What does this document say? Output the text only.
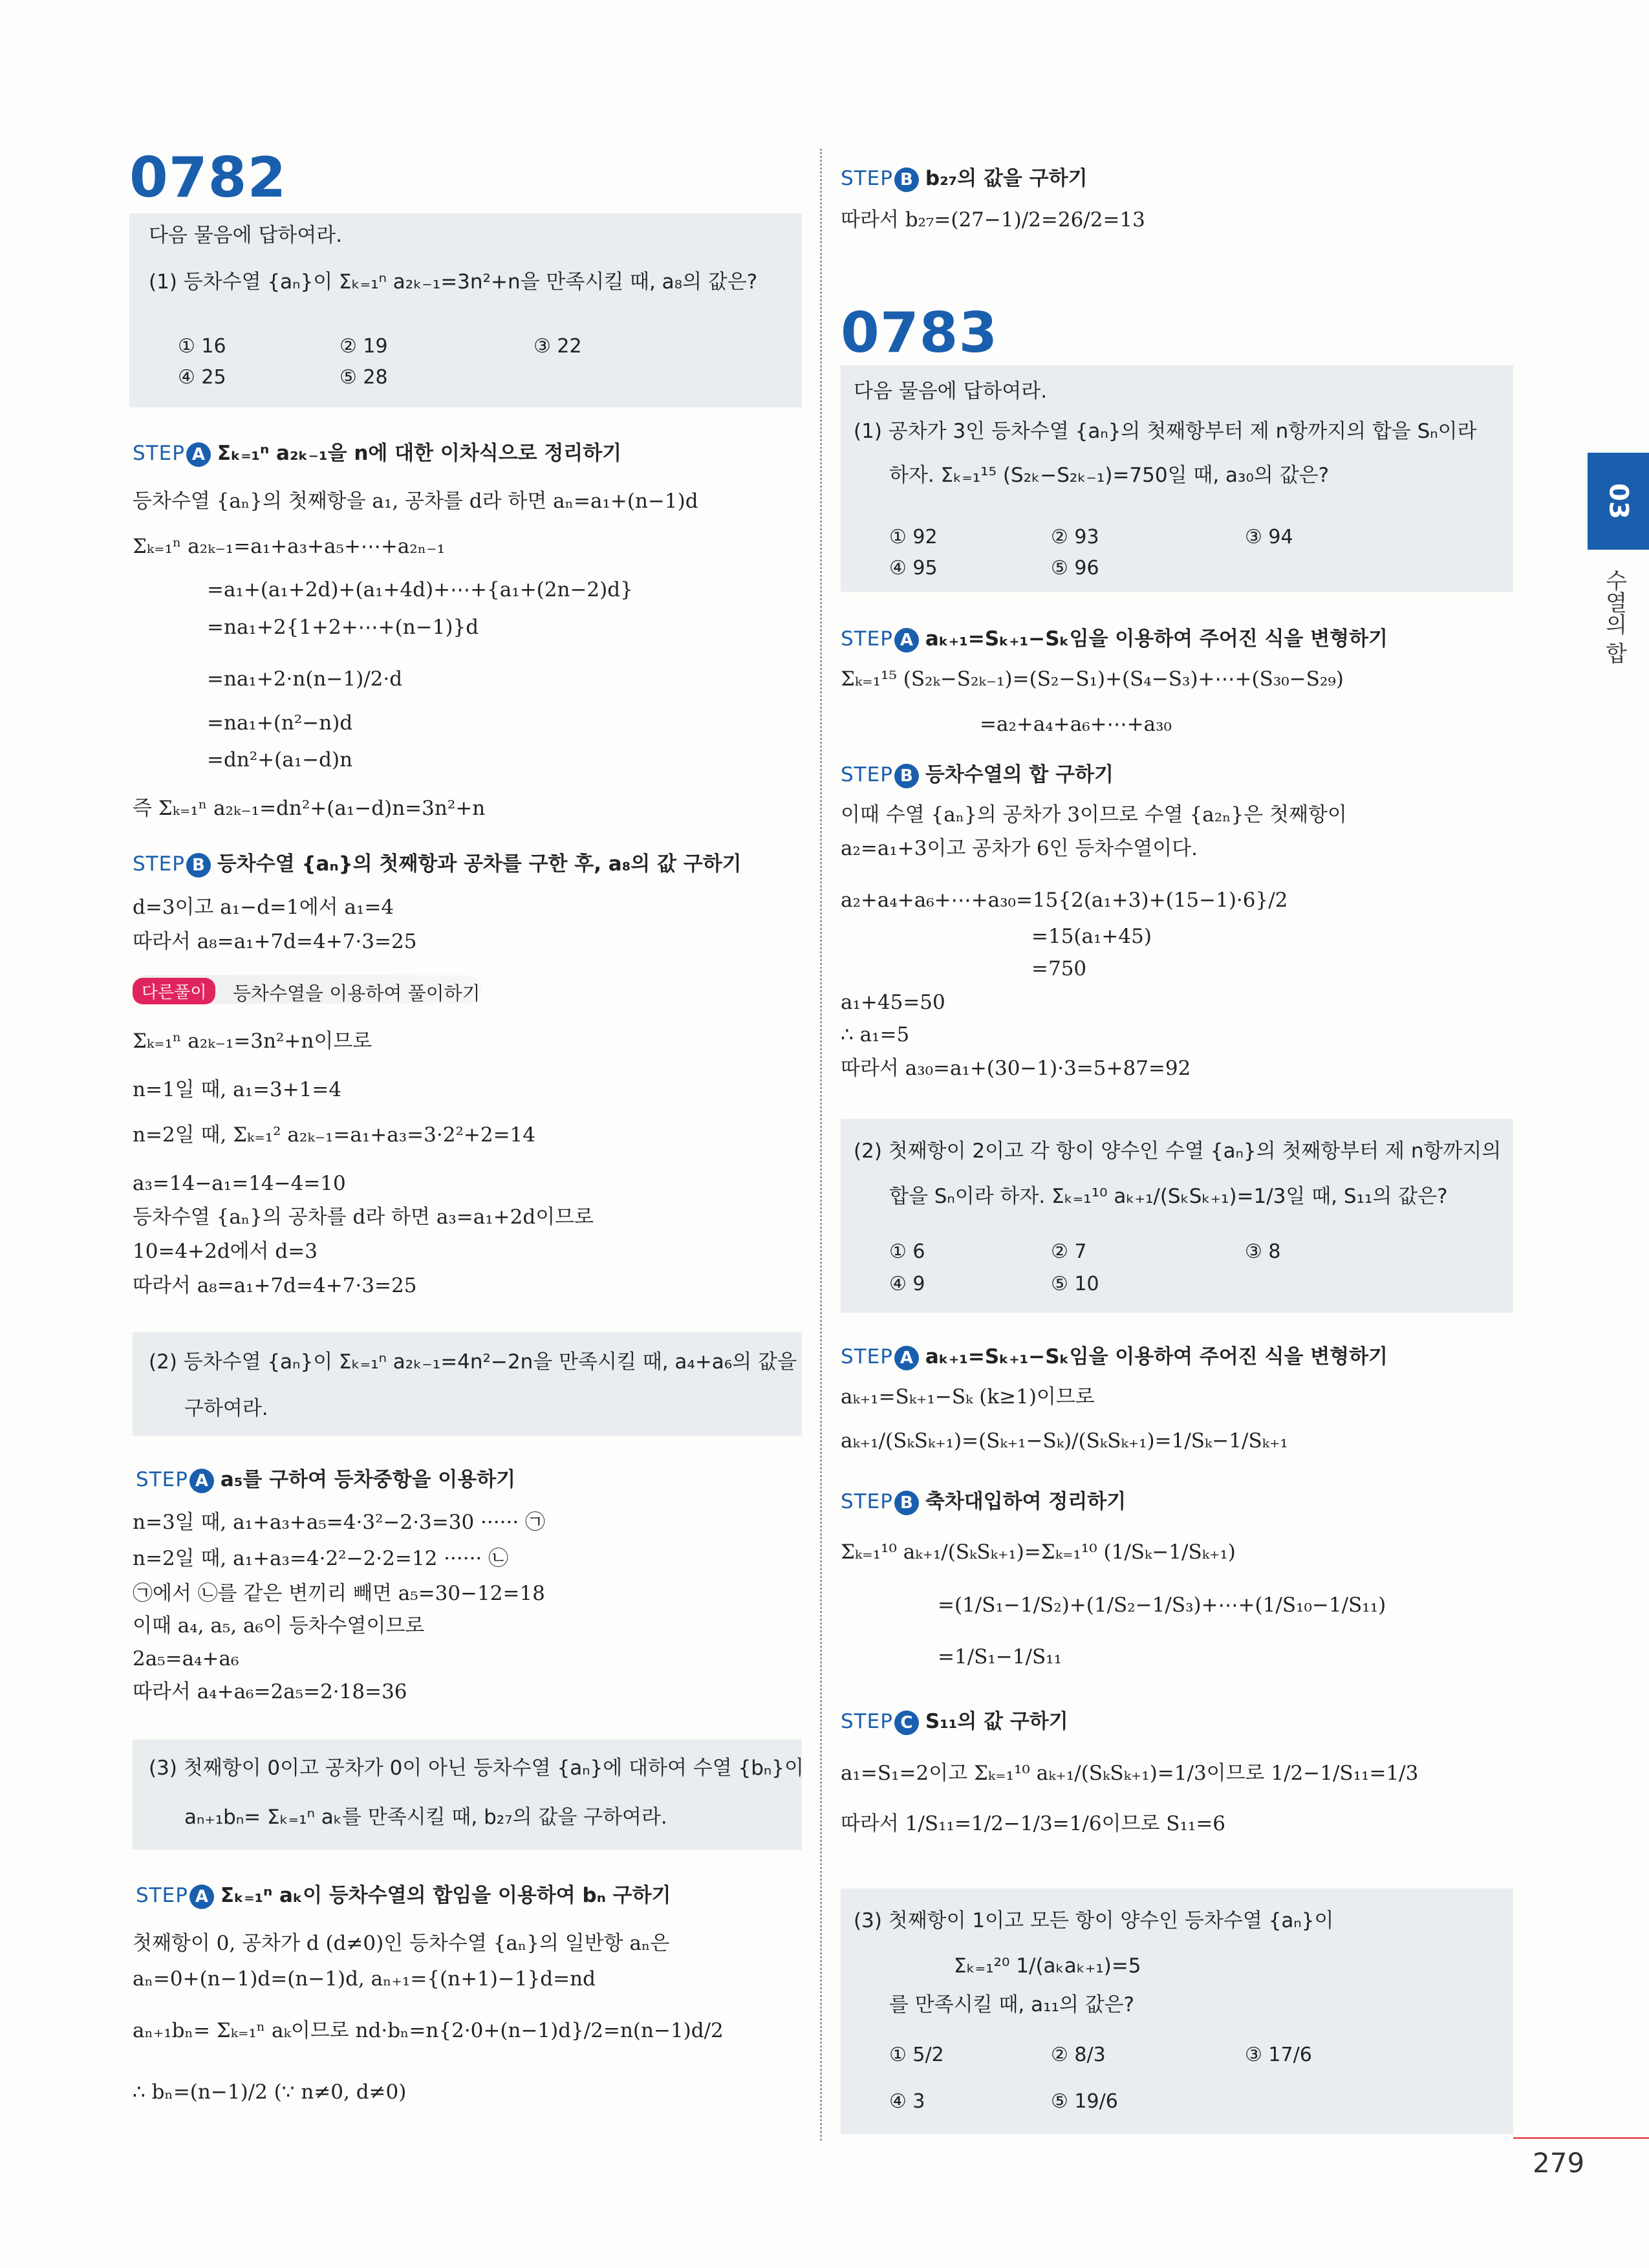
0782
다음 물음에 답하여라.
(1) 등차수열 {aₙ}이 Σₖ₌₁ⁿ a₂ₖ₋₁=3n²+n을 만족시킬 때, a₈의 값은?
① 16	② 19	③ 22
④ 25	⑤ 28
STEP A Σₖ₌₁ⁿ a₂ₖ₋₁을 n에 대한 이차식으로 정리하기
등차수열 {aₙ}의 첫째항을 a₁, 공차를 d라 하면 aₙ=a₁+(n−1)d
Σₖ₌₁ⁿ a₂ₖ₋₁=a₁+a₃+a₅+⋯+a₂ₙ₋₁
=a₁+(a₁+2d)+(a₁+4d)+⋯+{a₁+(2n−2)d}
=na₁+2{1+2+⋯+(n−1)}d
=na₁+2·n(n−1)/2·d
=na₁+(n²−n)d
=dn²+(a₁−d)n
즉 Σₖ₌₁ⁿ a₂ₖ₋₁=dn²+(a₁−d)n=3n²+n
STEP B 등차수열 {aₙ}의 첫째항과 공차를 구한 후, a₈의 값 구하기
d=3이고 a₁−d=1에서 a₁=4
따라서 a₈=a₁+7d=4+7·3=25
다른풀이	등차수열을 이용하여 풀이하기
Σₖ₌₁ⁿ a₂ₖ₋₁=3n²+n이므로
n=1일 때, a₁=3+1=4
n=2일 때, Σₖ₌₁² a₂ₖ₋₁=a₁+a₃=3·2²+2=14
a₃=14−a₁=14−4=10
등차수열 {aₙ}의 공차를 d라 하면 a₃=a₁+2d이므로
10=4+2d에서 d=3
따라서 a₈=a₁+7d=4+7·3=25
(2) 등차수열 {aₙ}이 Σₖ₌₁ⁿ a₂ₖ₋₁=4n²−2n을 만족시킬 때, a₄+a₆의 값을
구하여라.
STEP A a₅를 구하여 등차중항을 이용하기
n=3일 때, a₁+a₃+a₅=4·3²−2·3=30 ······ ㉠
n=2일 때, a₁+a₃=4·2²−2·2=12 ······ ㉡
㉠에서 ㉡를 같은 변끼리 빼면 a₅=30−12=18
이때 a₄, a₅, a₆이 등차수열이므로
2a₅=a₄+a₆
따라서 a₄+a₆=2a₅=2·18=36
(3) 첫째항이 0이고 공차가 0이 아닌 등차수열 {aₙ}에 대하여 수열 {bₙ}이
aₙ₊₁bₙ= Σₖ₌₁ⁿ aₖ를 만족시킬 때, b₂₇의 값을 구하여라.
STEP A Σₖ₌₁ⁿ aₖ이 등차수열의 합임을 이용하여 bₙ 구하기
첫째항이 0, 공차가 d (d≠0)인 등차수열 {aₙ}의 일반항 aₙ은
aₙ=0+(n−1)d=(n−1)d, aₙ₊₁={(n+1)−1}d=nd
aₙ₊₁bₙ= Σₖ₌₁ⁿ aₖ이므로 nd·bₙ=n{2·0+(n−1)d}/2=n(n−1)d/2
∴ bₙ=(n−1)/2 (∵ n≠0, d≠0)
STEP B b₂₇의 값을 구하기
따라서 b₂₇=(27−1)/2=26/2=13
0783
다음 물음에 답하여라.
(1) 공차가 3인 등차수열 {aₙ}의 첫째항부터 제 n항까지의 합을 Sₙ이라
하자. Σₖ₌₁¹⁵ (S₂ₖ−S₂ₖ₋₁)=750일 때, a₃₀의 값은?
① 92	② 93	③ 94
④ 95	⑤ 96
STEP A aₖ₊₁=Sₖ₊₁−Sₖ임을 이용하여 주어진 식을 변형하기
Σₖ₌₁¹⁵ (S₂ₖ−S₂ₖ₋₁)=(S₂−S₁)+(S₄−S₃)+⋯+(S₃₀−S₂₉)
=a₂+a₄+a₆+⋯+a₃₀
STEP B 등차수열의 합 구하기
이때 수열 {aₙ}의 공차가 3이므로 수열 {a₂ₙ}은 첫째항이
a₂=a₁+3이고 공차가 6인 등차수열이다.
a₂+a₄+a₆+⋯+a₃₀=15{2(a₁+3)+(15−1)·6}/2
=15(a₁+45)
=750
a₁+45=50
∴ a₁=5
따라서 a₃₀=a₁+(30−1)·3=5+87=92
(2) 첫째항이 2이고 각 항이 양수인 수열 {aₙ}의 첫째항부터 제 n항까지의
합을 Sₙ이라 하자. Σₖ₌₁¹⁰ aₖ₊₁/(SₖSₖ₊₁)=1/3일 때, S₁₁의 값은?
① 6	② 7	③ 8
④ 9	⑤ 10
STEP A aₖ₊₁=Sₖ₊₁−Sₖ임을 이용하여 주어진 식을 변형하기
aₖ₊₁=Sₖ₊₁−Sₖ (k≥1)이므로
aₖ₊₁/(SₖSₖ₊₁)=(Sₖ₊₁−Sₖ)/(SₖSₖ₊₁)=1/Sₖ−1/Sₖ₊₁
STEP B 축차대입하여 정리하기
Σₖ₌₁¹⁰ aₖ₊₁/(SₖSₖ₊₁)=Σₖ₌₁¹⁰ (1/Sₖ−1/Sₖ₊₁)
=(1/S₁−1/S₂)+(1/S₂−1/S₃)+⋯+(1/S₁₀−1/S₁₁)
=1/S₁−1/S₁₁
STEP C S₁₁의 값 구하기
a₁=S₁=2이고 Σₖ₌₁¹⁰ aₖ₊₁/(SₖSₖ₊₁)=1/3이므로 1/2−1/S₁₁=1/3
따라서 1/S₁₁=1/2−1/3=1/6이므로 S₁₁=6
(3) 첫째항이 1이고 모든 항이 양수인 등차수열 {aₙ}이
Σₖ₌₁²⁰ 1/(aₖaₖ₊₁)=5
를 만족시킬 때, a₁₁의 값은?
① 5/2	② 8/3	③ 17/6
④ 3	⑤ 19/6
03
수열의 합
279
